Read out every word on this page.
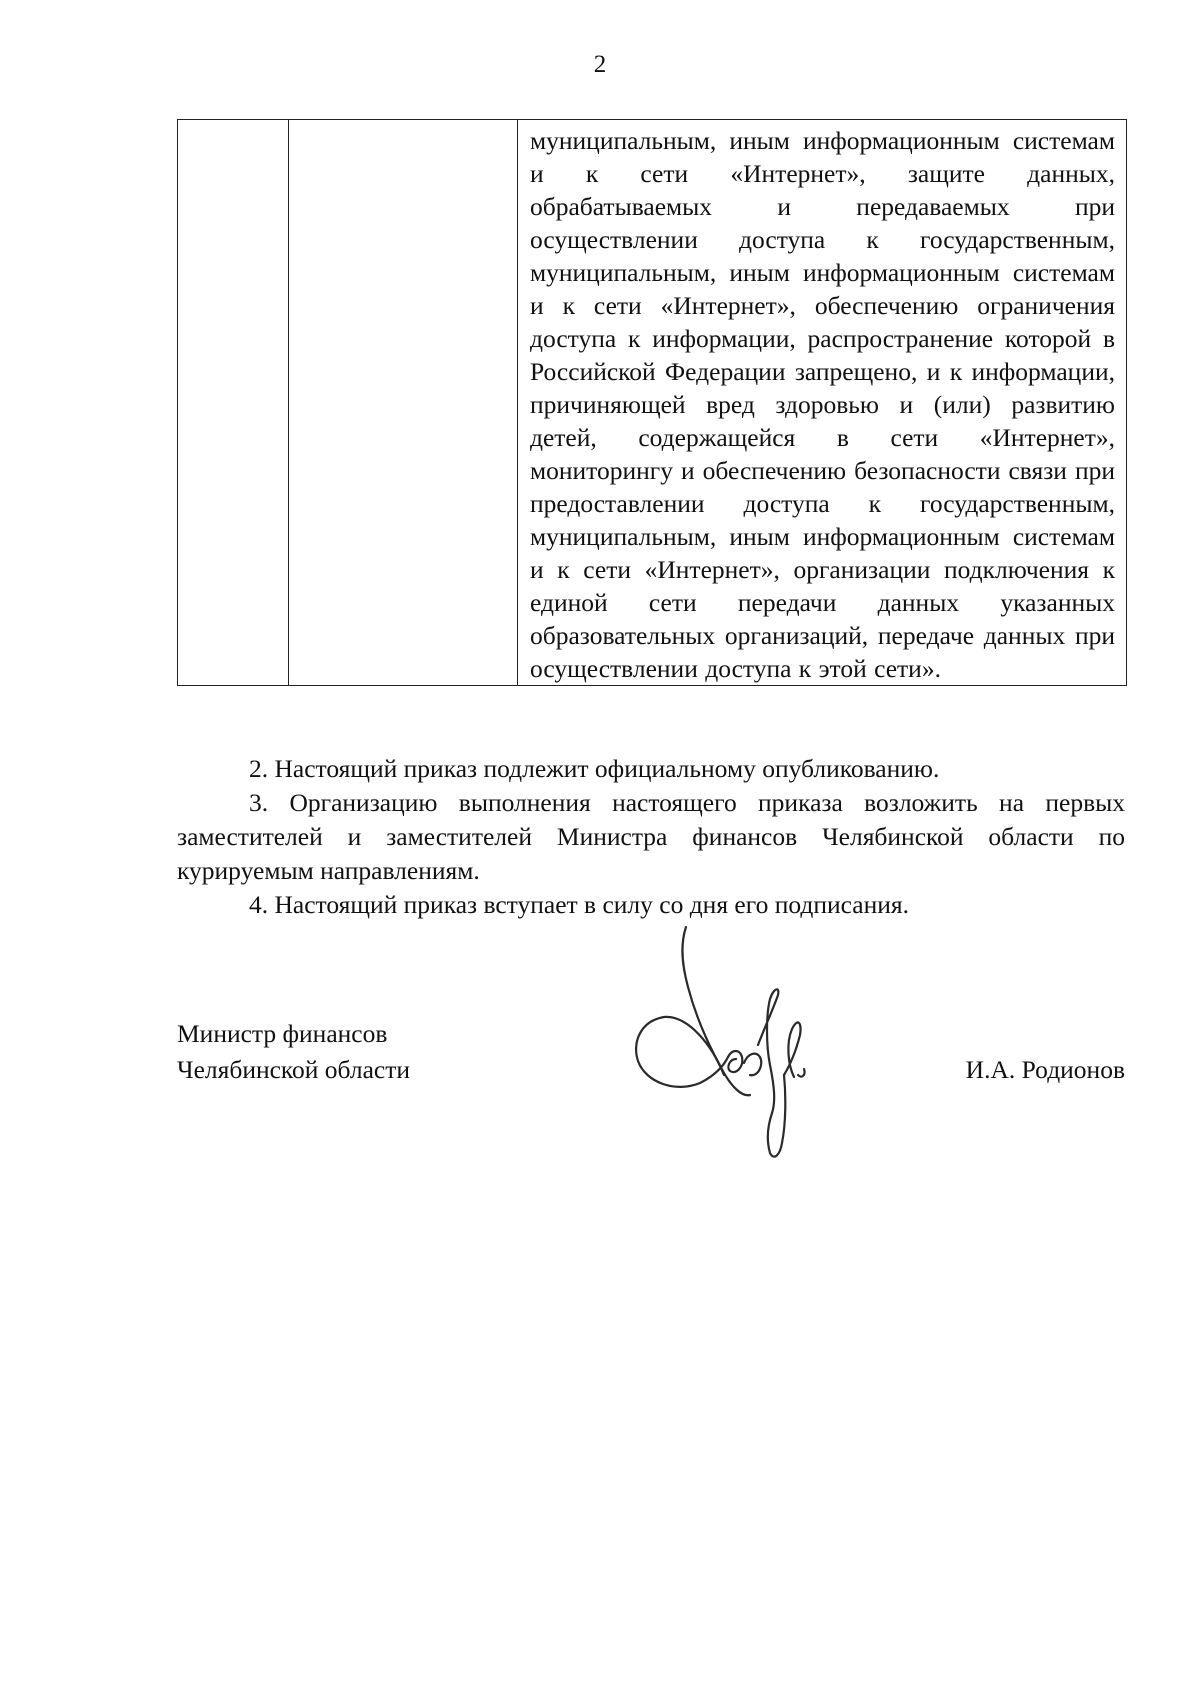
2

муниципальным, иным информационным системам и к сети «Интернет», защите данных, обрабатываемых и передаваемых при осуществлении доступа к государственным, муниципальным, иным информационным системам и к сети «Интернет», обеспечению ограничения доступа к информации, распространение которой в Российской Федерации запрещено, и к информации, причиняющей вред здоровью и (или) развитию детей, содержащейся в сети «Интернет», мониторингу и обеспечению безопасности связи при предоставлении доступа к государственным, муниципальным, иным информационным системам и к сети «Интернет», организации подключения к единой сети передачи данных указанных образовательных организаций, передаче данных при осуществлении доступа к этой сети».

2. Настоящий приказ подлежит официальному опубликованию.

3. Организацию выполнения настоящего приказа возложить на первых заместителей и заместителей Министра финансов Челябинской области по курируемым направлениям.

4. Настоящий приказ вступает в силу со дня его подписания.

Министр финансов
Челябинской области	И.А. Родионов
